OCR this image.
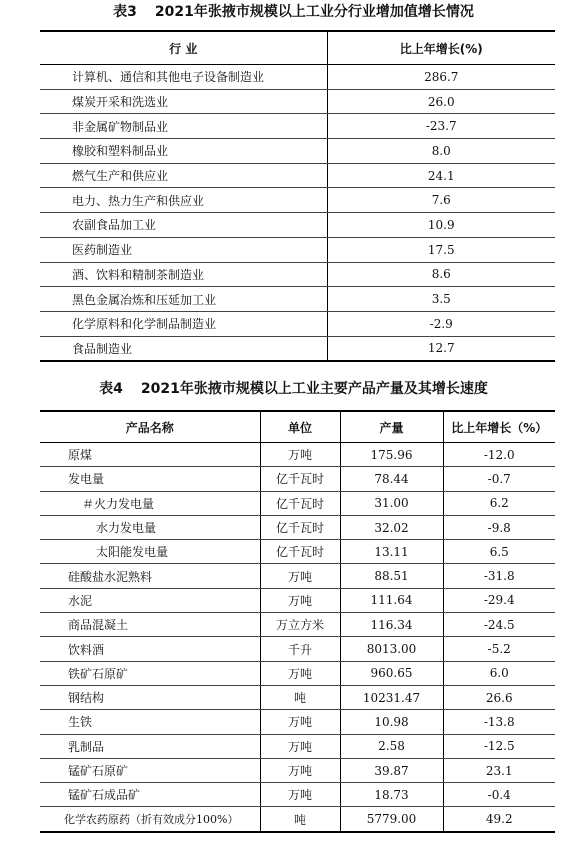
表3 2021年张掖市规模以上工业分行业增加值增长情况
行 业	比上年增长(%)
计算机、通信和其他电子设备制造业	286.7
煤炭开采和洗选业	26.0
非金属矿物制品业	-23.7
橡胶和塑料制品业	8.0
燃气生产和供应业	24.1
电力、热力生产和供应业	7.6
农副食品加工业	10.9
医药制造业	17.5
酒、饮料和精制茶制造业	8.6
黑色金属冶炼和压延加工业	3.5
化学原料和化学制品制造业	-2.9
食品制造业	12.7
表4 2021年张掖市规模以上工业主要产品产量及其增长速度
产品名称	单位	产量	比上年增长（%）
原煤	万吨	175.96	-12.0
发电量	亿千瓦时	78.44	-0.7
＃火力发电量	亿千瓦时	31.00	6.2
水力发电量	亿千瓦时	32.02	-9.8
太阳能发电量	亿千瓦时	13.11	6.5
硅酸盐水泥熟料	万吨	88.51	-31.8
水泥	万吨	111.64	-29.4
商品混凝土	万立方米	116.34	-24.5
饮料酒	千升	8013.00	-5.2
铁矿石原矿	万吨	960.65	6.0
钢结构	吨	10231.47	26.6
生铁	万吨	10.98	-13.8
乳制品	万吨	2.58	-12.5
锰矿石原矿	万吨	39.87	23.1
锰矿石成品矿	万吨	18.73	-0.4
化学农药原药（折有效成分100%）	吨	5779.00	49.2
